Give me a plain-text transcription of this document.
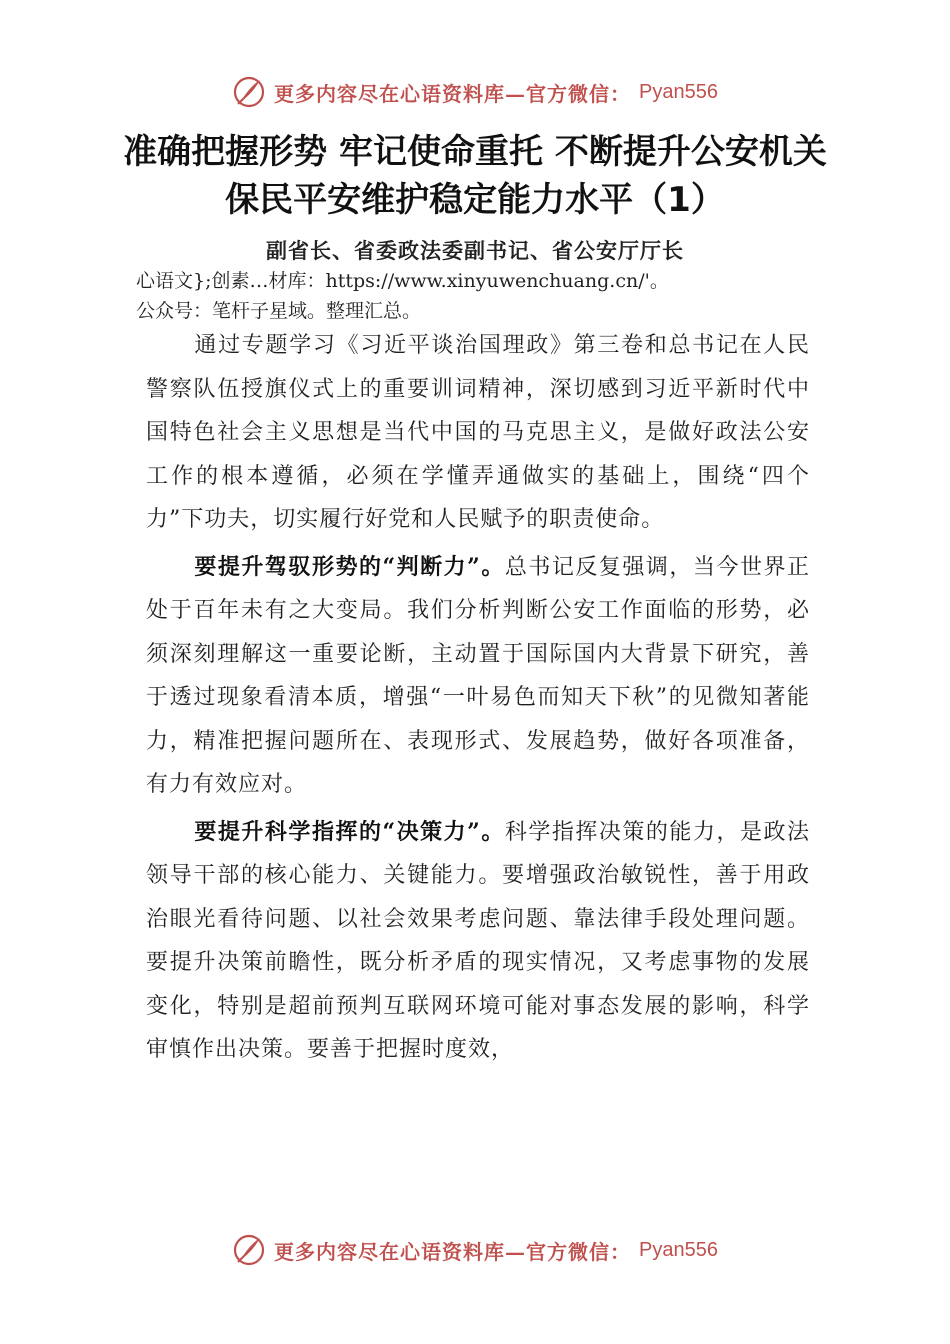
更多内容尽在心语资料库—官方微信： Pyan556
准确把握形势 牢记使命重托 不断提升公安机关保民平安维护稳定能力水平（1）
副省长、省委政法委副书记、省公安厅厅长
心语文};创素…材库：https://www.xinyuwenchuang.cn/'。
公众号：笔杆子星域。整理汇总。

通过专题学习《习近平谈治国理政》第三卷和总书记在人民警察队伍授旗仪式上的重要训词精神，深切感到习近平新时代中国特色社会主义思想是当代中国的马克思主义，是做好政法公安工作的根本遵循，必须在学懂弄通做实的基础上，围绕“四个力”下功夫，切实履行好党和人民赋予的职责使命。

要提升驾驭形势的“判断力”。总书记反复强调，当今世界正处于百年未有之大变局。我们分析判断公安工作面临的形势，必须深刻理解这一重要论断，主动置于国际国内大背景下研究，善于透过现象看清本质，增强“一叶易色而知天下秋”的见微知著能力，精准把握问题所在、表现形式、发展趋势，做好各项准备，有力有效应对。

要提升科学指挥的“决策力”。科学指挥决策的能力，是政法领导干部的核心能力、关键能力。要增强政治敏锐性，善于用政治眼光看待问题、以社会效果考虑问题、靠法律手段处理问题。要提升决策前瞻性，既分析矛盾的现实情况，又考虑事物的发展变化，特别是超前预判互联网环境可能对事态发展的影响，科学审慎作出决策。要善于把握时度效，

更多内容尽在心语资料库—官方微信： Pyan556
